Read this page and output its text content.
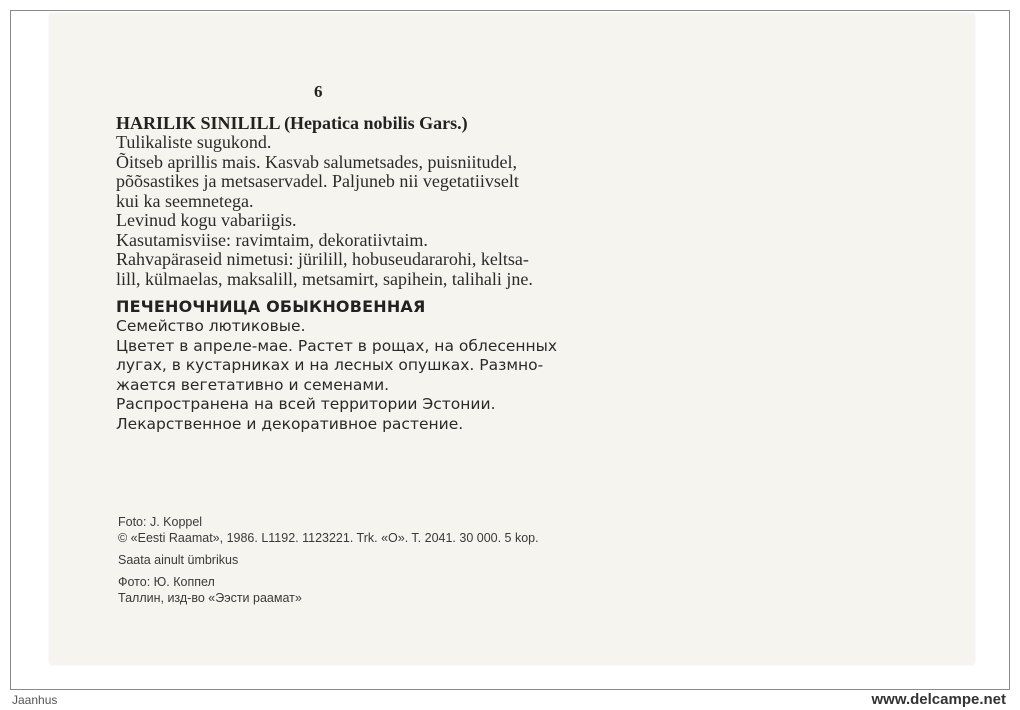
6

HARILIK SINILILL (Hepatica nobilis Gars.)

Tulikaliste sugukond.

Õitseb aprillis mais. Kasvab salumetsades, puisniitudel,

põõsastikes ja metsaservadel. Paljuneb nii vegetatiivselt

kui ka seemnetega.

Levinud kogu vabariigis.

Kasutamisviise: ravimtaim, dekoratiivtaim.

Rahvapäraseid nimetusi: jürilill, hobuseudararohi, keltsa-

lill, külmaelas, maksalill, metsamirt, sapihein, talihali jne.

ПЕЧЕНОЧНИЦА ОБЫКНОВЕННАЯ

Семейство лютиковые.

Цветет в апреле-мае. Растет в рощах, на облесенных

лугах, в кустарниках и на лесных опушках. Размно-

жается вегетативно и семенами.

Распространена на всей территории Эстонии.

Лекарственное и декоративное растение.

Foto: J. Koppel

© «Eesti Raamat», 1986. L1192. 1123221. Trk. «O». T. 2041. 30 000. 5 kop.

Saata ainult ümbrikus

Фото: Ю. Коппел

Таллин, изд-во «Ээсти раамат»

Jaanhus	www.delcampe.net
